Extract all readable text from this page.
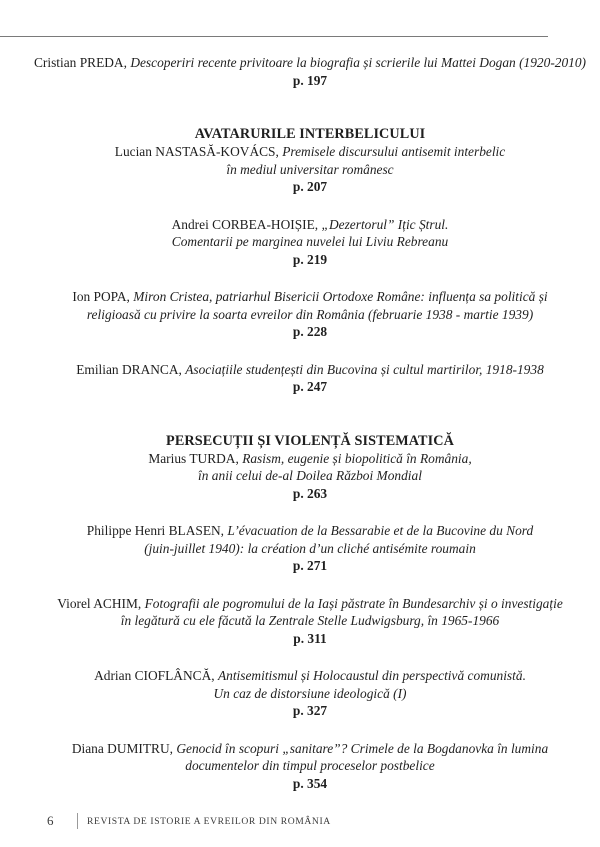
Cristian PREDA, Descoperiri recente privitoare la biografia și scrierile lui Mattei Dogan (1920-2010)
p. 197
AVATARURILE INTERBELICULUI
Lucian NASTASĂ-KOVÁCS, Premisele discursului antisemit interbelic
în mediul universitar românesc
p. 207
Andrei CORBEA-HOIȘIE, „Dezertorul” Ițic Ștrul.
Comentarii pe marginea nuvelei lui Liviu Rebreanu
p. 219
Ion POPA, Miron Cristea, patriarhul Bisericii Ortodoxe Române: influența sa politică și
religioasă cu privire la soarta evreilor din România (februarie 1938 - martie 1939)
p. 228
Emilian DRANCA, Asociațiile studențești din Bucovina și cultul martirilor, 1918-1938
p. 247
PERSECUȚII ȘI VIOLENȚĂ SISTEMATICĂ
Marius TURDA, Rasism, eugenie și biopolitică în România,
în anii celui de-al Doilea Război Mondial
p. 263
Philippe Henri BLASEN, L’évacuation de la Bessarabie et de la Bucovine du Nord
(juin-juillet 1940): la création d’un cliché antisémite roumain
p. 271
Viorel ACHIM, Fotografii ale pogromului de la Iași păstrate în Bundesarchiv și o investigație
în legătură cu ele făcută la Zentrale Stelle Ludwigsburg, în 1965-1966
p. 311
Adrian CIOFLÂNCĂ, Antisemitismul și Holocaustul din perspectivă comunistă.
Un caz de distorsiune ideologică (I)
p. 327
Diana DUMITRU, Genocid în scopuri „sanitare”? Crimele de la Bogdanovka în lumina
documentelor din timpul proceselor postbelice
p. 354
6	REVISTA DE ISTORIE A EVREILOR DIN ROMÂNIA
